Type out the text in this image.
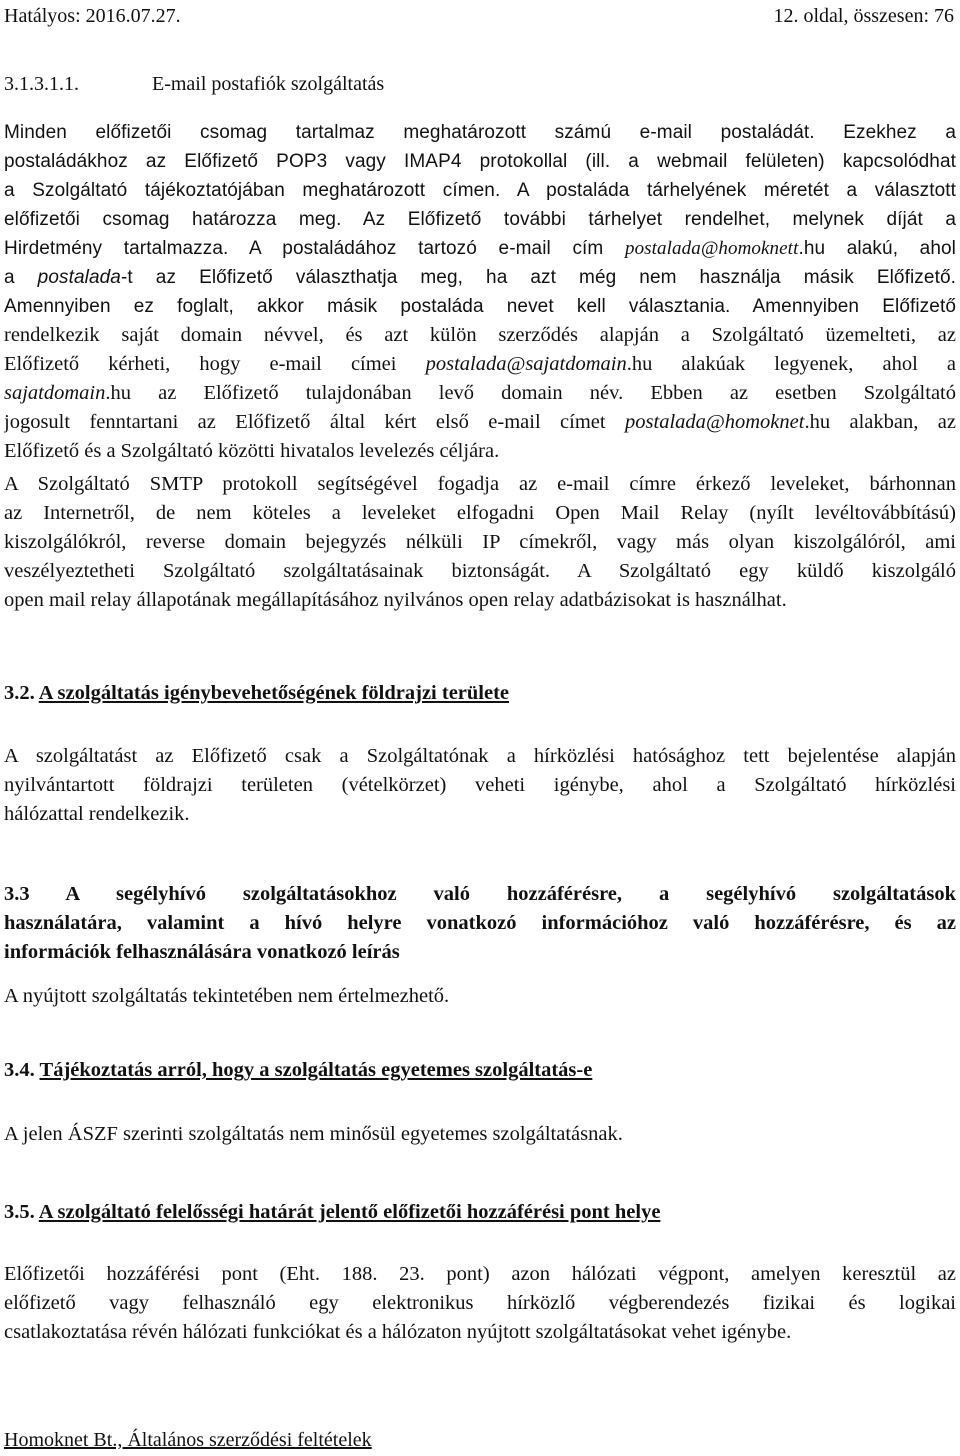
Hatályos: 2016.07.27.	12. oldal, összesen: 76
3.1.3.1.1.	E-mail postafiók szolgáltatás
Minden előfizetői csomag tartalmaz meghatározott számú e-mail postaládát. Ezekhez a
postaládákhoz az Előfizető POP3 vagy IMAP4 protokollal (ill. a webmail felületen) kapcsolódhat
a Szolgáltató tájékoztatójában meghatározott címen. A postaláda tárhelyének méretét a választott
előfizetői csomag határozza meg. Az Előfizető további tárhelyet rendelhet, melynek díját a
Hirdetmény tartalmazza. A postaládához tartozó e-mail cím postalada@homoknett.hu alakú, ahol
a postalada-t az Előfizető választhatja meg, ha azt még nem használja másik Előfizető.
Amennyiben ez foglalt, akkor másik postaláda nevet kell választania. Amennyiben Előfizető
rendelkezik saját domain névvel, és azt külön szerződés alapján a Szolgáltató üzemelteti, az
Előfizető kérheti, hogy e-mail címei postalada@sajatdomain.hu alakúak legyenek, ahol a
sajatdomain.hu az Előfizető tulajdonában levő domain név. Ebben az esetben Szolgáltató
jogosult fenntartani az Előfizető által kért első e-mail címet postalada@homoknet.hu alakban, az
Előfizető és a Szolgáltató közötti hivatalos levelezés céljára.
A Szolgáltató SMTP protokoll segítségével fogadja az e-mail címre érkező leveleket, bárhonnan
az Internetről, de nem köteles a leveleket elfogadni Open Mail Relay (nyílt levéltovábbítású)
kiszolgálókról, reverse domain bejegyzés nélküli IP címekről, vagy más olyan kiszolgálóról, ami
veszélyeztetheti Szolgáltató szolgáltatásainak biztonságát. A Szolgáltató egy küldő kiszolgáló
open mail relay állapotának megállapításához nyilvános open relay adatbázisokat is használhat.
3.2. A szolgáltatás igénybevehetőségének földrajzi területe
A szolgáltatást az Előfizető csak a Szolgáltatónak a hírközlési hatósághoz tett bejelentése alapján
nyilvántartott földrajzi területen (vételkörzet) veheti igénybe, ahol a Szolgáltató hírközlési
hálózattal rendelkezik.
3.3 A segélyhívó szolgáltatásokhoz való hozzáférésre, a segélyhívó szolgáltatások
használatára, valamint a hívó helyre vonatkozó információhoz való hozzáférésre, és az
információk felhasználására vonatkozó leírás
A nyújtott szolgáltatás tekintetében nem értelmezhető.
3.4. Tájékoztatás arról, hogy a szolgáltatás egyetemes szolgáltatás-e
A jelen ÁSZF szerinti szolgáltatás nem minősül egyetemes szolgáltatásnak.
3.5. A szolgáltató felelősségi határát jelentő előfizetői hozzáférési pont helye
Előfizetői hozzáférési pont (Eht. 188. 23. pont) azon hálózati végpont, amelyen keresztül az
előfizető vagy felhasználó egy elektronikus hírközlő végberendezés fizikai és logikai
csatlakoztatása révén hálózati funkciókat és a hálózaton nyújtott szolgáltatásokat vehet igénybe.
Homoknet Bt., Általános szerződési feltételek
